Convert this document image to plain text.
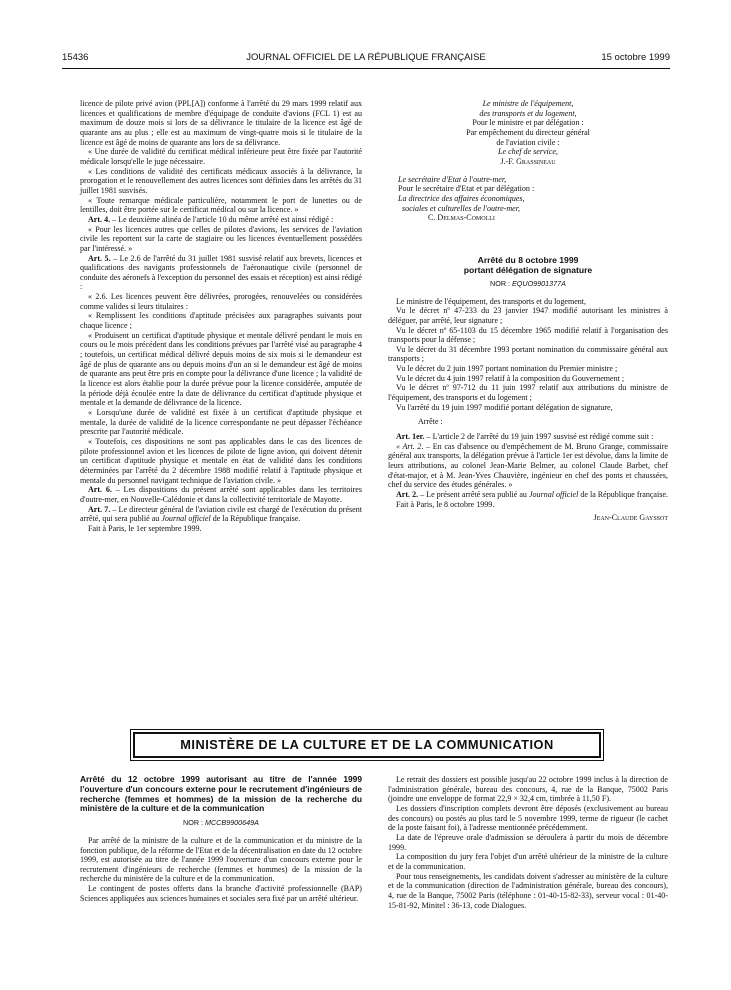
15436	JOURNAL OFFICIEL DE LA RÉPUBLIQUE FRANÇAISE	15 octobre 1999

licence de pilote privé avion (PPL[A]) conforme à l'arrêté du 29 mars 1999 relatif aux licences et qualifications de membre d'équipage de conduite d'avions (FCL 1) est au maximum de douze mois si lors de sa délivrance le titulaire de la licence est âgé de quarante ans au plus ; elle est au maximum de vingt-quatre mois si le titulaire de la licence est âgé de moins de quarante ans lors de sa délivrance.

« Une durée de validité du certificat médical inférieure peut être fixée par l'autorité médicale lorsqu'elle le juge nécessaire.

« Les conditions de validité des certificats médicaux associés à la délivrance, la prorogation et le renouvellement des autres licences sont définies dans les arrêtés du 31 juillet 1981 susvisés.

« Toute remarque médicale particulière, notamment le port de lunettes ou de lentilles, doit être portée sur le certificat médical ou sur la licence. »

Art. 4. – Le deuxième alinéa de l'article 10 du même arrêté est ainsi rédigé :

« Pour les licences autres que celles de pilotes d'avions, les services de l'aviation civile les reportent sur la carte de stagiaire ou les licences éventuellement possédées par l'intéressé. »

Art. 5. – Le 2.6 de l'arrêté du 31 juillet 1981 susvisé relatif aux brevets, licences et qualifications des navigants professionnels de l'aéronautique civile (personnel de conduite des aéronefs à l'exception du personnel des essais et réception) est ainsi rédigé :

« 2.6. Les licences peuvent être délivrées, prorogées, renouvelées ou considérées comme valides si leurs titulaires :

« Remplissent les conditions d'aptitude précisées aux paragraphes suivants pour chaque licence ;

« Produisent un certificat d'aptitude physique et mentale délivré pendant le mois en cours ou le mois précédent dans les conditions prévues par l'arrêté visé au paragraphe 4 ; toutefois, un certificat médical délivré depuis moins de six mois si le demandeur est âgé de plus de quarante ans ou depuis moins d'un an si le demandeur est âgé de moins de quarante ans peut être pris en compte pour la délivrance d'une licence ; la validité de la licence est alors établie pour la durée prévue pour la licence considérée, amputée de la période déjà écoulée entre la date de délivrance du certificat d'aptitude physique et mentale et la demande de délivrance de la licence.

« Lorsqu'une durée de validité est fixée à un certificat d'aptitude physique et mentale, la durée de validité de la licence correspondante ne peut dépasser l'échéance prescrite par l'autorité médicale.

« Toutefois, ces dispositions ne sont pas applicables dans le cas des licences de pilote professionnel avion et les licences de pilote de ligne avion, qui doivent détenir un certificat d'aptitude physique et mentale en état de validité dans les conditions déterminées par l'arrêté du 2 décembre 1988 modifié relatif à l'aptitude physique et mentale du personnel navigant technique de l'aviation civile. »

Art. 6. – Les dispositions du présent arrêté sont applicables dans les territoires d'outre-mer, en Nouvelle-Calédonie et dans la collectivité territoriale de Mayotte.

Art. 7. – Le directeur général de l'aviation civile est chargé de l'exécution du présent arrêté, qui sera publié au Journal officiel de la République française.

Fait à Paris, le 1er septembre 1999.

Le ministre de l'équipement,
des transports et du logement,
Pour le ministre et par délégation :
Par empêchement du directeur général
de l'aviation civile :
Le chef de service,
J.-F. Grassineau
Le secrétaire d'Etat à l'outre-mer,
Pour le secrétaire d'Etat et par délégation :
La directrice des affaires économiques,
sociales et culturelles de l'outre-mer,
C. Delmas-Comolli
Arrêté du 8 octobre 1999
portant délégation de signature
NOR : EQUO9901377A

Le ministre de l'équipement, des transports et du logement,

Vu le décret nº 47-233 du 23 janvier 1947 modifié autorisant les ministres à déléguer, par arrêté, leur signature ;

Vu le décret nº 65-1103 du 15 décembre 1965 modifié relatif à l'organisation des transports pour la défense ;

Vu le décret du 31 décembre 1993 portant nomination du commissaire général aux transports ;

Vu le décret du 2 juin 1997 portant nomination du Premier ministre ;

Vu le décret du 4 juin 1997 relatif à la composition du Gouvernement ;

Vu le décret nº 97-712 du 11 juin 1997 relatif aux attributions du ministre de l'équipement, des transports et du logement ;

Vu l'arrêté du 19 juin 1997 modifié portant délégation de signature,

Arrête :

Art. 1er. – L'article 2 de l'arrêté du 19 juin 1997 susvisé est rédigé comme suit :

« Art. 2. – En cas d'absence ou d'empêchement de M. Bruno Grange, commissaire général aux transports, la délégation prévue à l'article 1er est dévolue, dans la limite de leurs attributions, au colonel Jean-Marie Belmer, au colonel Claude Barbet, chef d'état-major, et à M. Jean-Yves Chauvière, ingénieur en chef des ponts et chaussées, chef du service des études générales. »

Art. 2. – Le présent arrêté sera publié au Journal officiel de la République française.

Fait à Paris, le 8 octobre 1999.

Jean-Claude Gayssot
MINISTÈRE DE LA CULTURE ET DE LA COMMUNICATION
Arrêté du 12 octobre 1999 autorisant au titre de l'année 1999 l'ouverture d'un concours externe pour le recrutement d'ingénieurs de recherche (femmes et hommes) de la mission de la recherche du ministère de la culture et de la communication
NOR : MCCB9900649A

Par arrêté de la ministre de la culture et de la communication et du ministre de la fonction publique, de la réforme de l'Etat et de la décentralisation en date du 12 octobre 1999, est autorisée au titre de l'année 1999 l'ouverture d'un concours externe pour le recrutement d'ingénieurs de recherche (femmes et hommes) de la mission de la recherche du ministère de la culture et de la communication.

Le contingent de postes offerts dans la branche d'activité professionnelle (BAP) Sciences appliquées aux sciences humaines et sociales sera fixé par un arrêté ultérieur.

Le retrait des dossiers est possible jusqu'au 22 octobre 1999 inclus à la direction de l'administration générale, bureau des concours, 4, rue de la Banque, 75002 Paris (joindre une enveloppe de format 22,9 × 32,4 cm, timbrée à 11,50 F).

Les dossiers d'inscription complets devront être déposés (exclusivement au bureau des concours) ou postés au plus tard le 5 novembre 1999, terme de rigueur (le cachet de la poste faisant foi), à l'adresse mentionnée précédemment.

La date de l'épreuve orale d'admission se déroulera à partir du mois de décembre 1999.

La composition du jury fera l'objet d'un arrêté ultérieur de la ministre de la culture et de la communication.

Pour tous renseignements, les candidats doivent s'adresser au ministère de la culture et de la communication (direction de l'administration générale, bureau des concours), 4, rue de la Banque, 75002 Paris (téléphone : 01-40-15-82-33), serveur vocal : 01-40-15-81-92, Minitel : 36-13, code Dialogues.
